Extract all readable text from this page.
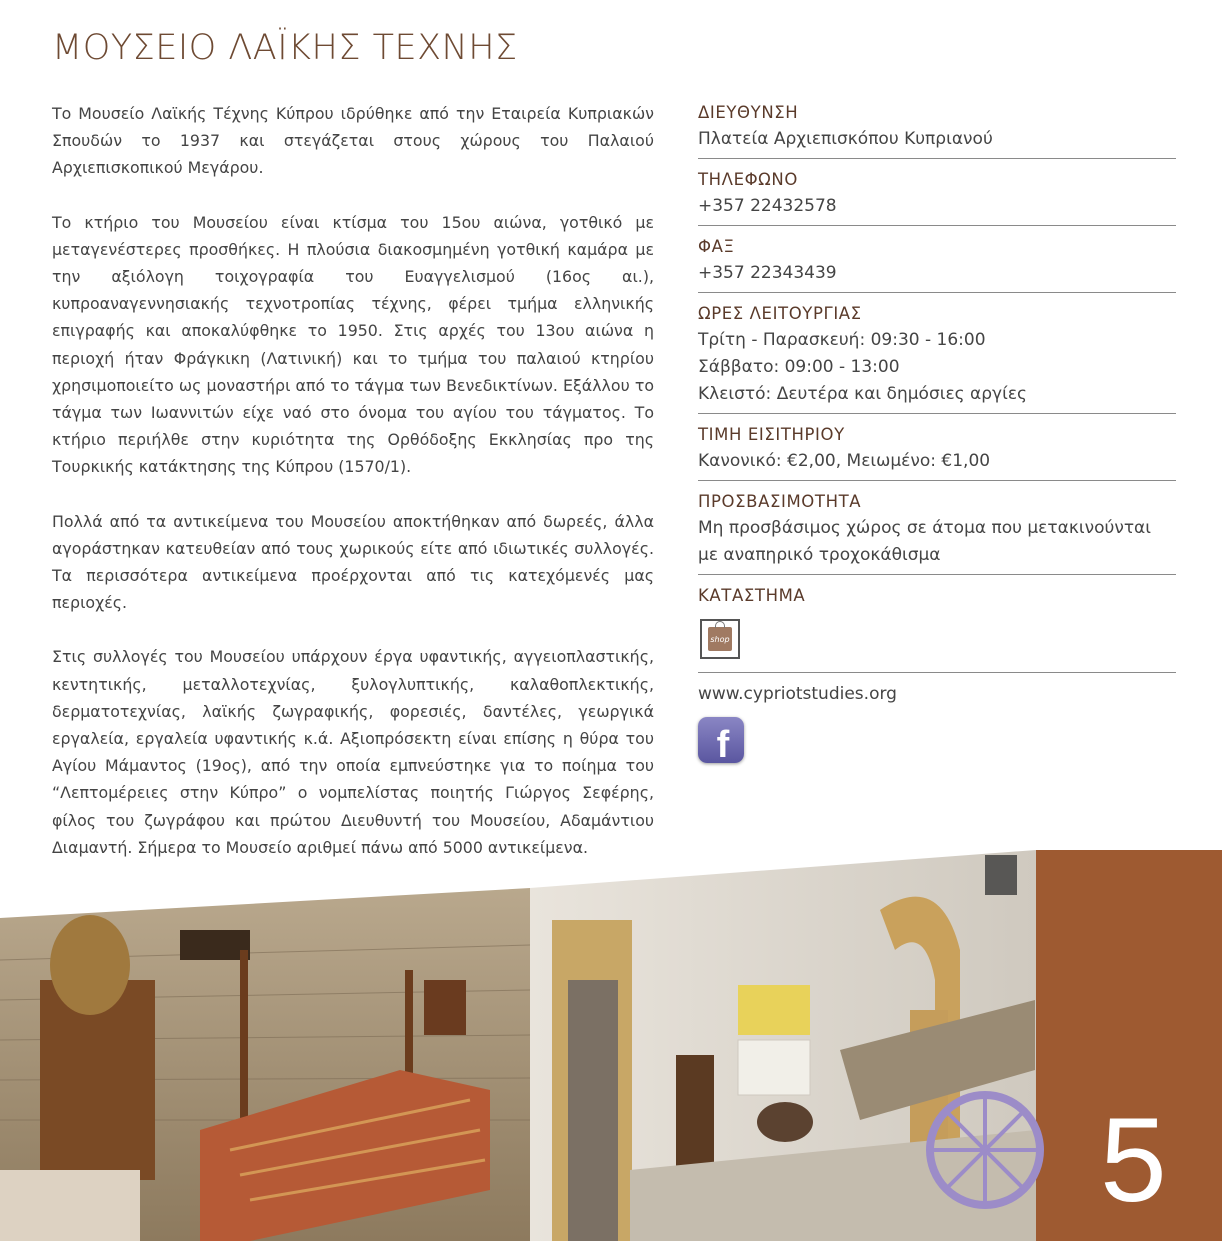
ΜΟΥΣΕΙΟ ΛΑΪΚΗΣ ΤΕΧΝΗΣ

Το Μουσείο Λαϊκής Τέχνης Κύπρου ιδρύθηκε από την Εταιρεία Κυπριακών Σπουδών το 1937 και στεγάζεται στους χώρους του Παλαιού Αρχιεπισκοπικού Μεγάρου.

Το κτήριο του Μουσείου είναι κτίσμα του 15ου αιώνα, γοτθικό με μεταγενέστερες προσθήκες. Η πλούσια διακοσμημένη γοτθική καμάρα με την αξιόλογη τοιχογραφία του Ευαγγελισμού (16ος αι.), κυπροαναγεννησιακής τεχνοτροπίας τέχνης, φέρει τμήμα ελληνικής επιγραφής και αποκαλύφθηκε το 1950. Στις αρχές του 13ου αιώνα η περιοχή ήταν Φράγκικη (Λατινική) και το τμήμα του παλαιού κτηρίου χρησιμοποιείτο ως μοναστήρι από το τάγμα των Βενεδικτίνων. Εξάλλου το τάγμα των Ιωαννιτών είχε ναό στο όνομα του αγίου του τάγματος. Το κτήριο περιήλθε στην κυριότητα της Ορθόδοξης Εκκλησίας προ της Τουρκικής κατάκτησης της Κύπρου (1570/1).

Πολλά από τα αντικείμενα του Μουσείου αποκτήθηκαν από δωρεές, άλλα αγοράστηκαν κατευθείαν από τους χωρικούς είτε από ιδιωτικές συλλογές. Τα περισσότερα αντικείμενα προέρχονται από τις κατεχόμενές μας περιοχές.

Στις συλλογές του Μουσείου υπάρχουν έργα υφαντικής, αγγειοπλαστικής, κεντητικής, μεταλλοτεχνίας, ξυλογλυπτικής, καλαθοπλεκτικής, δερματοτεχνίας, λαϊκής ζωγραφικής, φορεσιές, δαντέλες, γεωργικά εργαλεία, εργαλεία υφαντικής κ.ά. Αξιοπρόσεκτη είναι επίσης η θύρα του Αγίου Μάμαντος (19ος), από την οποία εμπνεύστηκε για το ποίημα του “Λεπτομέρειες στην Κύπρο” ο νομπελίστας ποιητής Γιώργος Σεφέρης, φίλος του ζωγράφου και πρώτου Διευθυντή του Μουσείου, Αδαμάντιου Διαμαντή. Σήμερα το Μουσείο αριθμεί πάνω από 5000 αντικείμενα.

ΔΙΕΥΘΥΝΣΗ
Πλατεία Αρχιεπισκόπου Κυπριανού
ΤΗΛΕΦΩΝΟ
+357 22432578
ΦΑΞ
+357 22343439
ΩΡΕΣ ΛΕΙΤΟΥΡΓΙΑΣ
Τρίτη - Παρασκευή: 09:30 - 16:00
Σάββατο: 09:00 - 13:00
Κλειστό: Δευτέρα και δημόσιες αργίες
ΤΙΜΗ ΕΙΣΙΤΗΡΙΟΥ
Κανονικό: €2,00, Μειωμένο: €1,00
ΠΡΟΣΒΑΣΙΜΟΤΗΤΑ
Μη προσβάσιμος χώρος σε άτομα που μετακινούνται
με αναπηρικό τροχοκάθισμα
ΚΑΤΑΣΤΗΜΑ
shop
www.cypriotstudies.org
f
5
